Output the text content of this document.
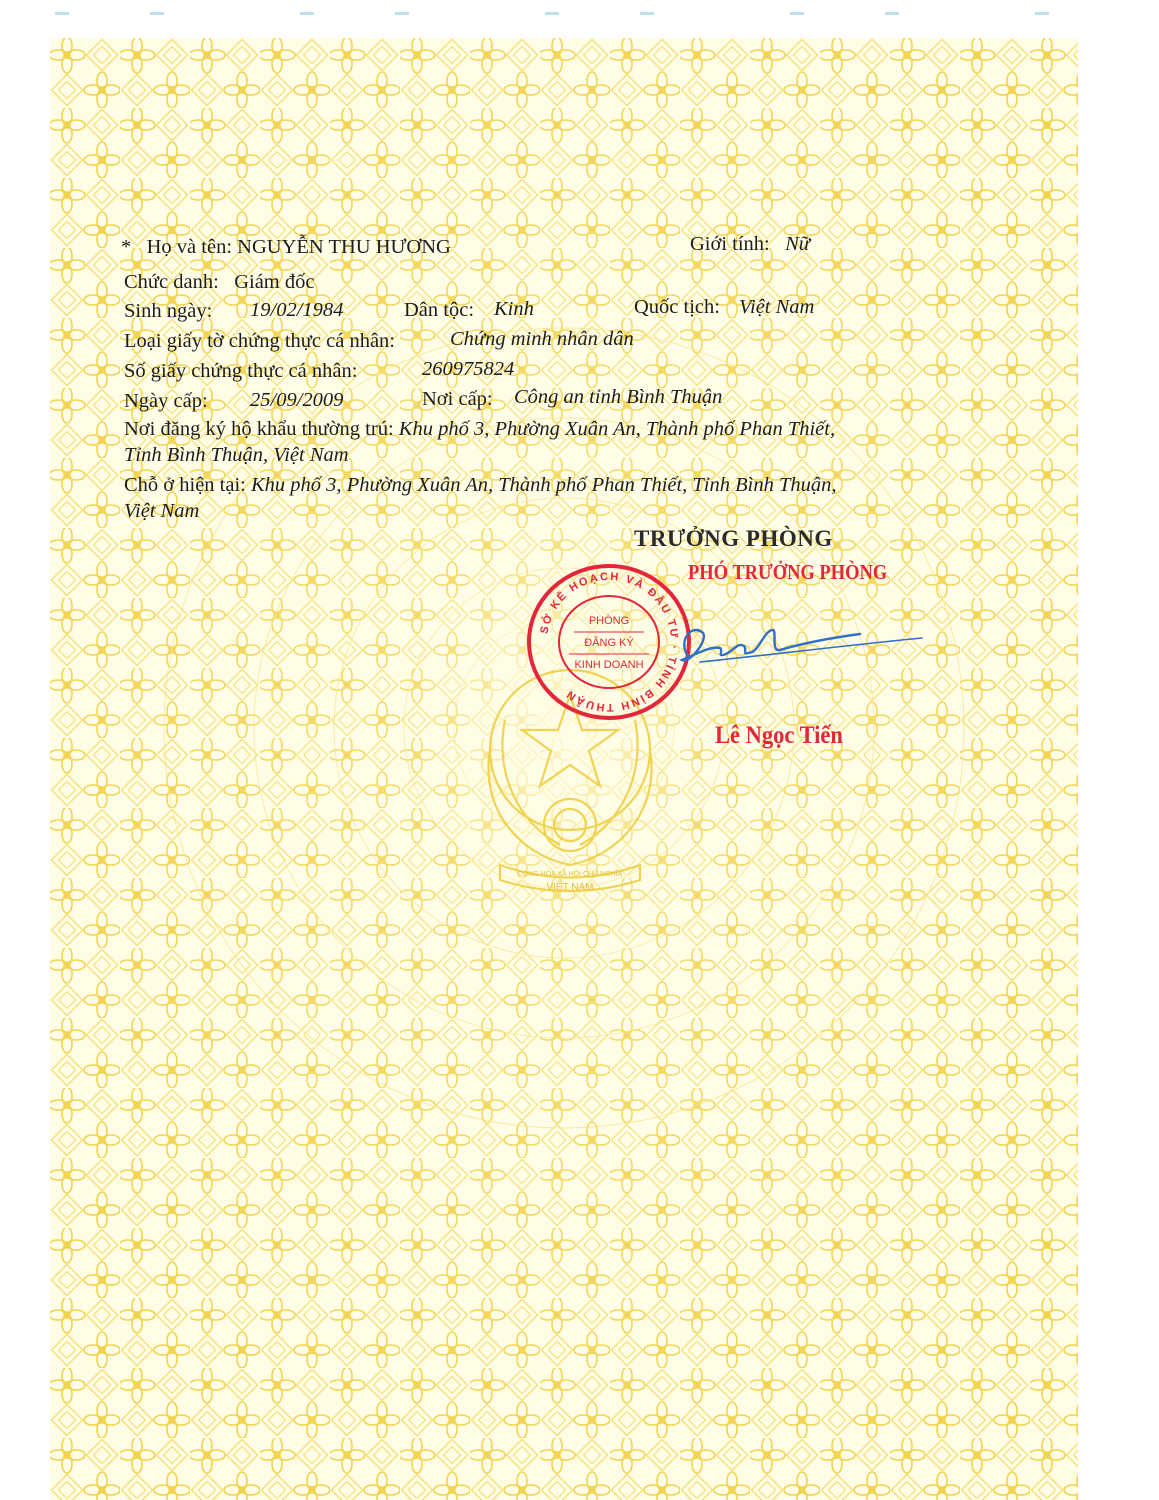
CỘNG HÒA XÃ HỘI CHỦ NGHĨA
VIỆT NAM
* Họ và tên: NGUYỄN THU HƯƠNG	Giới tính: Nữ
Chức danh: Giám đốc
Sinh ngày: 19/02/1984	Dân tộc: Kinh	Quốc tịch: Việt Nam
Loại giấy tờ chứng thực cá nhân:	Chứng minh nhân dân
Số giấy chứng thực cá nhân:	260975824
Ngày cấp: 25/09/2009	Nơi cấp: Công an tỉnh Bình Thuận
Nơi đăng ký hộ khẩu thường trú: Khu phố 3, Phường Xuân An, Thành phố Phan Thiết, Tỉnh Bình Thuận, Việt Nam
Chỗ ở hiện tại: Khu phố 3, Phường Xuân An, Thành phố Phan Thiết, Tỉnh Bình Thuận, Việt Nam
TRƯỞNG PHÒNG
PHÓ TRƯỞNG PHÒNG
SỞ KẾ HOẠCH VÀ ĐẦU TƯ · TỈNH BÌNH THUẬN
PHÒNG
ĐĂNG KÝ
KINH DOANH
Lê Ngọc Tiến
